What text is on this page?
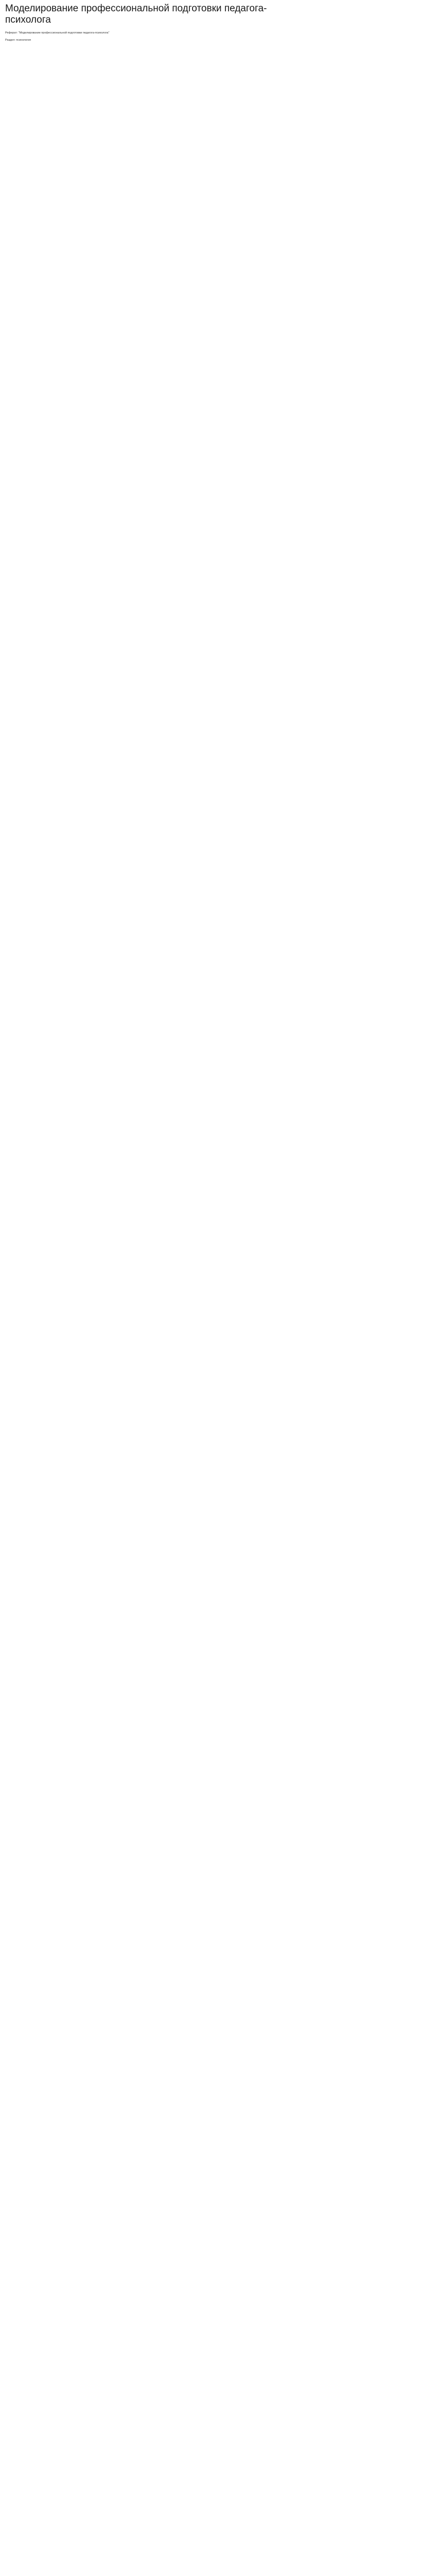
Моделирование профессиональной подготовки педагога-
психолога

Реферат: "Моделирование профессиональной подготовки педагога-психолога"

Раздел: психология
